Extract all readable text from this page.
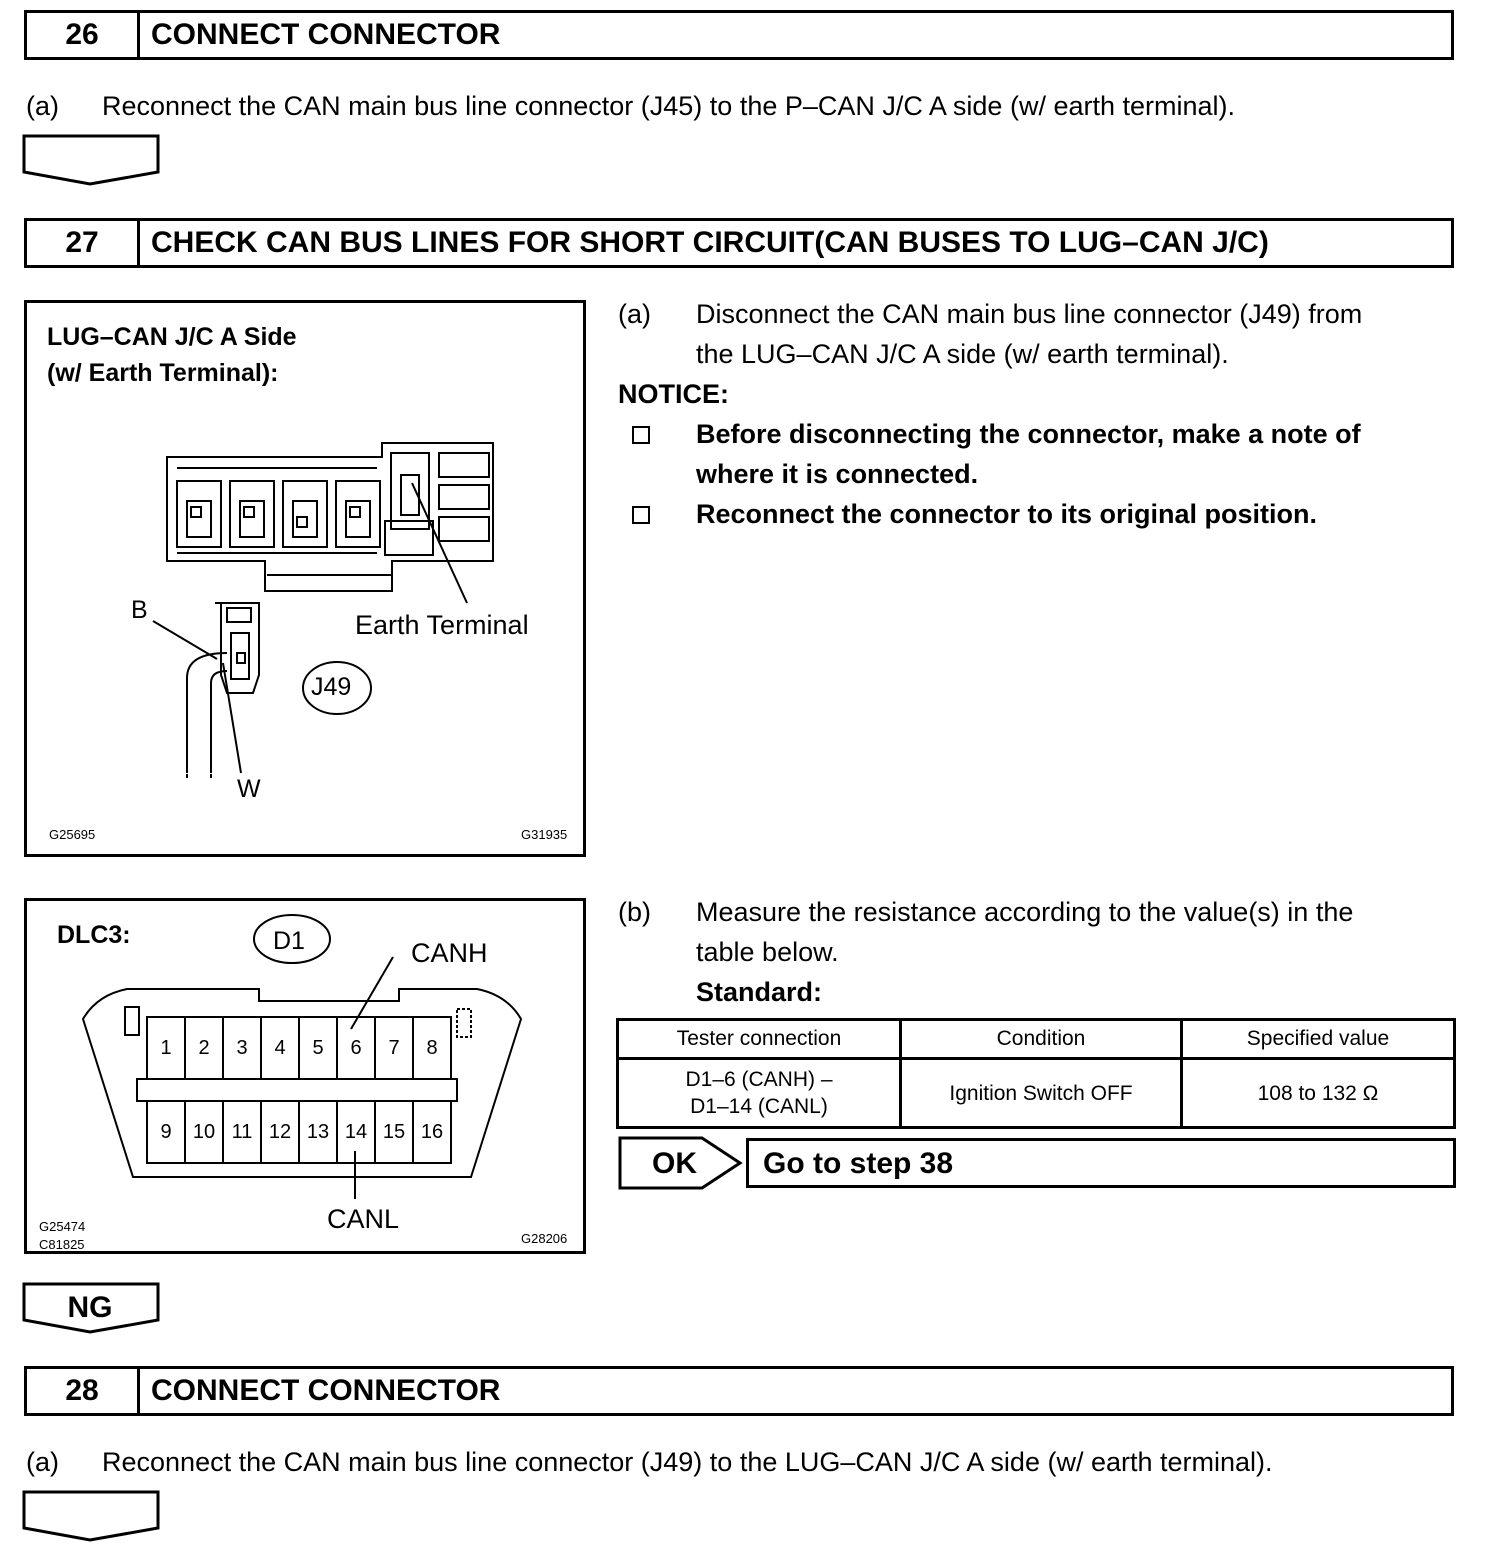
26	CONNECT CONNECTOR
(a) Reconnect the CAN main bus line connector (J45) to the P–CAN J/C A side (w/ earth terminal).
27	CHECK CAN BUS LINES FOR SHORT CIRCUIT(CAN BUSES TO LUG–CAN J/C)
LUG–CAN J/C A Side
(w/ Earth Terminal):
B	Earth Terminal
J49
W
G25695	G31935
(a) Disconnect the CAN main bus line connector (J49) from
the LUG–CAN J/C A side (w/ earth terminal).
NOTICE:
Before disconnecting the connector, make a note of
where it is connected.
Reconnect the connector to its original position.
DLC3:	D1	CANH
CANL
1	2	3	4	5	6	7	8
9	10 11 12 13 14 15 16
G25474
C81825	G28206
(b) Measure the resistance according to the value(s) in the
table below.
Standard:
Tester connection	Condition	Specified value

D1–6 (CANH) –
D1–14 (CANL)	Ignition Switch OFF	108 to 132 Ω
OK Go to step 38
NG
28	CONNECT CONNECTOR
(a) Reconnect the CAN main bus line connector (J49) to the LUG–CAN J/C A side (w/ earth terminal).
